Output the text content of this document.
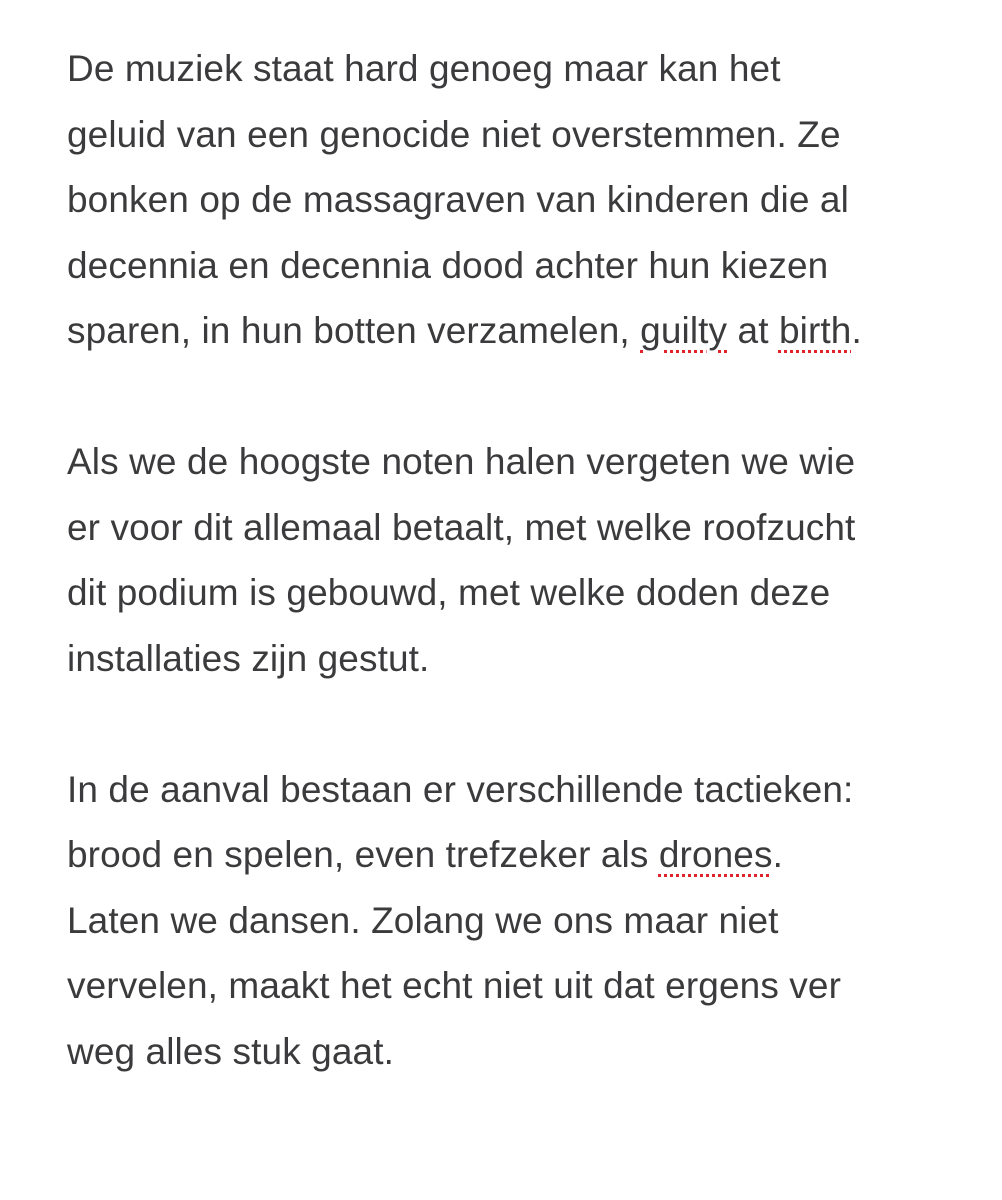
De muziek staat hard genoeg maar kan het
geluid van een genocide niet overstemmen. Ze
bonken op de massagraven van kinderen die al
decennia en decennia dood achter hun kiezen
sparen, in hun botten verzamelen, guilty at birth.
Als we de hoogste noten halen vergeten we wie
er voor dit allemaal betaalt, met welke roofzucht
dit podium is gebouwd, met welke doden deze
installaties zijn gestut.
In de aanval bestaan er verschillende tactieken:
brood en spelen, even trefzeker als drones.
Laten we dansen. Zolang we ons maar niet
vervelen, maakt het echt niet uit dat ergens ver
weg alles stuk gaat.
